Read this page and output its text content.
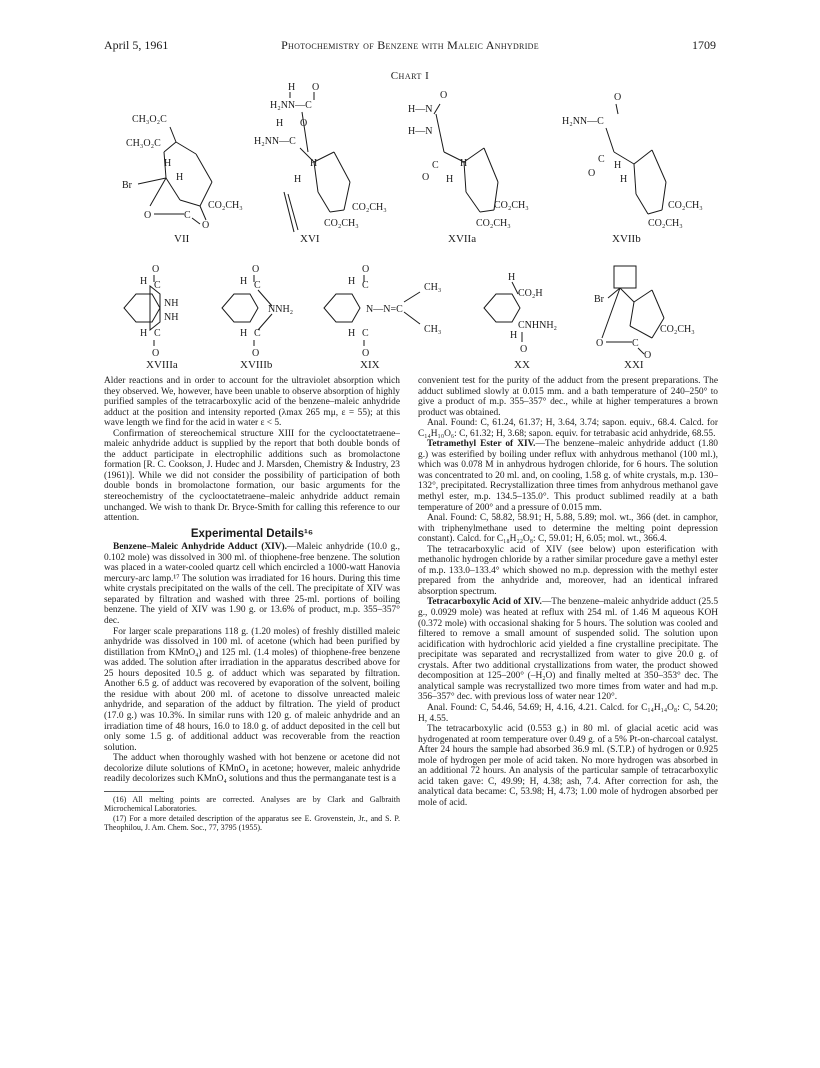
April 5, 1961	Photochemistry of Benzene with Maleic Anhydride	1709
Chart I
CH₃O₂C
CH₃O₂C
H
H
Br
CO₂CH₃
O	C
O
VII
H O
H₂NN—C
H O
H₂NN—C
H
H
CO₂CH₃
CO₂CH₃
XVI
H—N
H—N
O
C
O
H
H
CO₂CH₃
CO₂CH₃
XVIIa
O
H₂NN—C
C
O
H
H
CO₂CH₃
CO₂CH₃
XVIIb
O
H C
NH
NH
C
H
O
XVIIIa
O
H C
NNH₂
C
H
O
XVIIIb
O
H C
N—N=C
CH₃
CH₃
C
H
O
XIX
H
CO₂H
CNHNH₂
H
O
XX
Br
CO₂CH₃
O	C
O
XXI

Alder reactions and in order to account for the ultraviolet absorption which they observed. We, however, have been unable to observe absorption of highly purified samples of the tetracarboxylic acid of the benzene–maleic anhydride adduct at the position and intensity reported (λmax 265 mμ, ε = 55); at this wave length we find for the acid in water ε < 5.

Confirmation of stereochemical structure XIII for the cyclooctatetraene–maleic anhydride adduct is supplied by the report that both double bonds of the adduct participate in electrophilic additions such as bromolactone formation [R. C. Cookson, J. Hudec and J. Marsden, Chemistry & Industry, 23 (1961)]. While we did not consider the possibility of participation of both double bonds in bromolactone formation, our basic arguments for the stereochemistry of the cyclooctatetraene–maleic anhydride adduct remain unchanged. We wish to thank Dr. Bryce-Smith for calling this reference to our attention.

Experimental Details¹⁶

Benzene–Maleic Anhydride Adduct (XIV).—Maleic anhydride (10.0 g., 0.102 mole) was dissolved in 300 ml. of thiophene-free benzene. The solution was placed in a water-cooled quartz cell which encircled a 1000-watt Hanovia mercury-arc lamp.¹⁷ The solution was irradiated for 16 hours. During this time white crystals precipitated on the walls of the cell. The precipitate of XIV was separated by filtration and washed with three 25-ml. portions of boiling benzene. The yield of XIV was 1.90 g. or 13.6% of product, m.p. 355–357° dec.

For larger scale preparations 118 g. (1.20 moles) of freshly distilled maleic anhydride was dissolved in 100 ml. of acetone (which had been purified by distillation from KMnO₄) and 125 ml. (1.4 moles) of thiophene-free benzene was added. The solution after irradiation in the apparatus described above for 25 hours deposited 10.5 g. of adduct which was separated by filtration. Another 6.5 g. of adduct was recovered by evaporation of the solvent, boiling the residue with about 200 ml. of acetone to dissolve unreacted maleic anhydride, and separation of the adduct by filtration. The yield of product (17.0 g.) was 10.3%. In similar runs with 120 g. of maleic anhydride and an irradiation time of 48 hours, 16.0 to 18.0 g. of adduct deposited in the cell but only some 1.5 g. of additional adduct was recoverable from the reaction solution.

The adduct when thoroughly washed with hot benzene or acetone did not decolorize dilute solutions of KMnO₄ in acetone; however, maleic anhydride readily decolorizes such KMnO₄ solutions and thus the permanganate test is a

(16) All melting points are corrected. Analyses are by Clark and Galbraith Microchemical Laboratories.

(17) For a more detailed description of the apparatus see E. Grovenstein, Jr., and S. P. Theophilou, J. Am. Chem. Soc., 77, 3795 (1955).

convenient test for the purity of the adduct from the present preparations. The adduct sublimed slowly at 0.015 mm. and a bath temperature of 240–250° to give a product of m.p. 355–357° dec., while at higher temperatures a brown product was obtained.

Anal. Found: C, 61.24, 61.37; H, 3.64, 3.74; sapon. equiv., 68.4. Calcd. for C₁₄H₁₀O₆: C, 61.32; H, 3.68; sapon. equiv. for tetrabasic acid anhydride, 68.55.

Tetramethyl Ester of XIV.—The benzene–maleic anhydride adduct (1.80 g.) was esterified by boiling under reflux with anhydrous methanol (100 ml.), which was 0.078 M in anhydrous hydrogen chloride, for 6 hours. The solution was concentrated to 20 ml. and, on cooling, 1.58 g. of white crystals, m.p. 130–132°, precipitated. Recrystallization three times from anhydrous methanol gave methyl ester, m.p. 134.5–135.0°. This product sublimed readily at a bath temperature of 200° and a pressure of 0.015 mm.

Anal. Found: C, 58.82, 58.91; H, 5.88, 5.89; mol. wt., 366 (det. in camphor, with triphenylmethane used to determine the melting point depression constant). Calcd. for C₁₈H₂₂O₈: C, 59.01; H, 6.05; mol. wt., 366.4.

The tetracarboxylic acid of XIV (see below) upon esterification with methanolic hydrogen chloride by a rather similar procedure gave a methyl ester of m.p. 133.0–133.4° which showed no m.p. depression with the methyl ester prepared from the anhydride and, moreover, had an identical infrared absorption spectrum.

Tetracarboxylic Acid of XIV.—The benzene–maleic anhydride adduct (25.5 g., 0.0929 mole) was heated at reflux with 254 ml. of 1.46 M aqueous KOH (0.372 mole) with occasional shaking for 5 hours. The solution was cooled and filtered to remove a small amount of suspended solid. The solution upon acidification with hydrochloric acid yielded a fine crystalline precipitate. The precipitate was separated and recrystallized from water to give 20.0 g. of crystals. After two additional crystallizations from water, the product showed decomposition at 125–200° (–H₂O) and finally melted at 350–353° dec. The analytical sample was recrystallized two more times from water and had m.p. 356–357° dec. with previous loss of water near 120°.

Anal. Found: C, 54.46, 54.69; H, 4.16, 4.21. Calcd. for C₁₄H₁₄O₈: C, 54.20; H, 4.55.

The tetracarboxylic acid (0.553 g.) in 80 ml. of glacial acetic acid was hydrogenated at room temperature over 0.49 g. of a 5% Pt-on-charcoal catalyst. After 24 hours the sample had absorbed 36.9 ml. (S.T.P.) of hydrogen or 0.925 mole of hydrogen per mole of acid taken. No more hydrogen was absorbed in an additional 72 hours. An analysis of the particular sample of tetracarboxylic acid taken gave: C, 49.99; H, 4.38; ash, 7.4. After correction for ash, the analytical data became: C, 53.98; H, 4.73; 1.00 mole of hydrogen absorbed per mole of acid.
